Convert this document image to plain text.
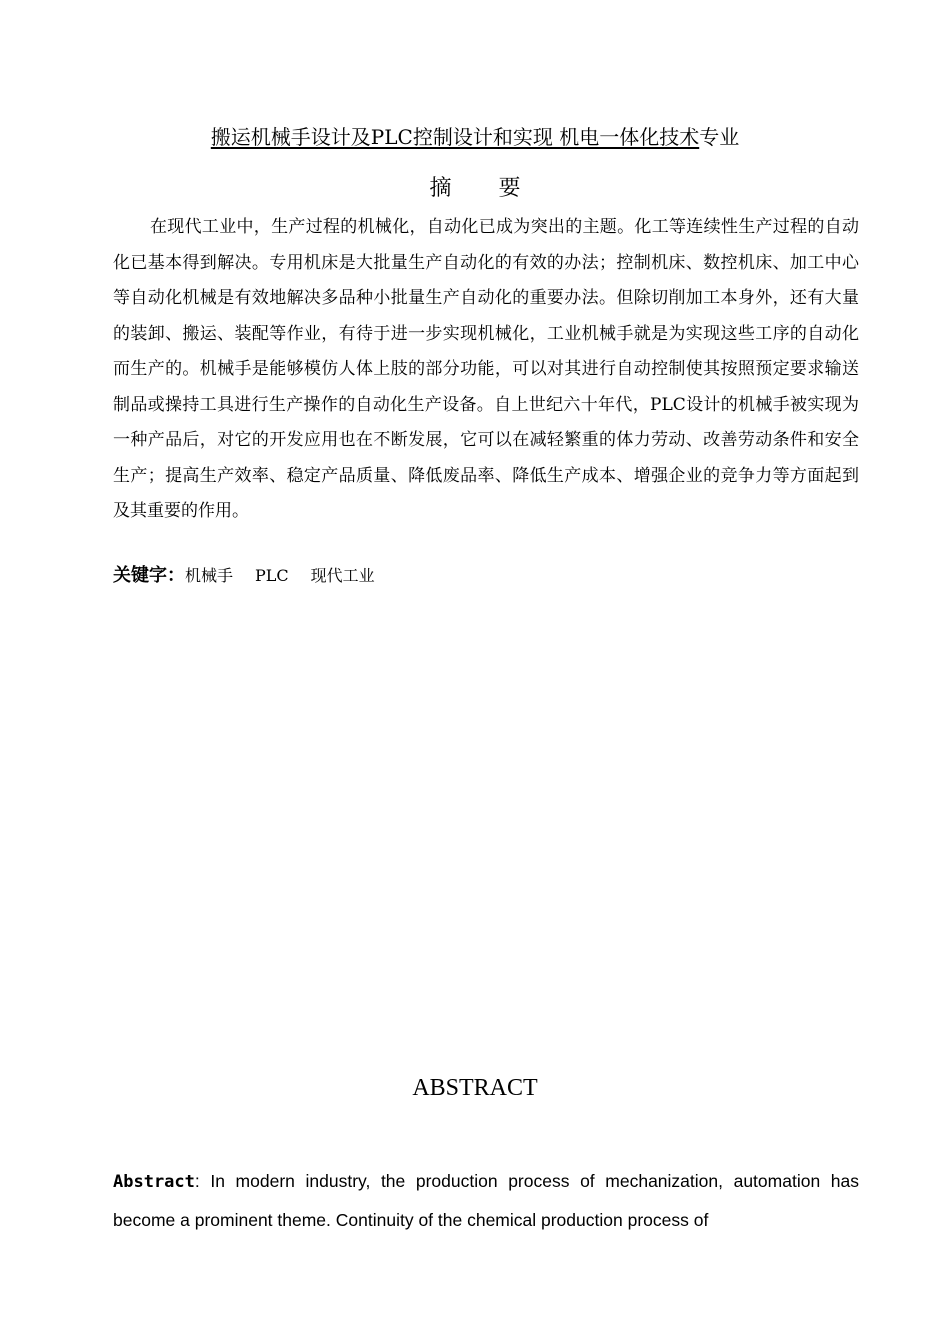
搬运机械手设计及PLC控制设计和实现 机电一体化技术专业
摘 要

在现代工业中，生产过程的机械化，自动化已成为突出的主题。化工等连续性生产过程的自动化已基本得到解决。专用机床是大批量生产自动化的有效的办法；控制机床、数控机床、加工中心等自动化机械是有效地解决多品种小批量生产自动化的重要办法。但除切削加工本身外，还有大量的装卸、搬运、装配等作业，有待于进一步实现机械化，工业机械手就是为实现这些工序的自动化而生产的。机械手是能够模仿人体上肢的部分功能，可以对其进行自动控制使其按照预定要求输送制品或操持工具进行生产操作的自动化生产设备。自上世纪六十年代，PLC设计的机械手被实现为一种产品后，对它的开发应用也在不断发展，它可以在减轻繁重的体力劳动、改善劳动条件和安全生产；提高生产效率、稳定产品质量、降低废品率、降低生产成本、增强企业的竞争力等方面起到及其重要的作用。

关键字：机械手 PLC 现代工业
ABSTRACT

Abstract: In modern industry, the production process of mechanization, automation has become a prominent theme. Continuity of the chemical production process of
